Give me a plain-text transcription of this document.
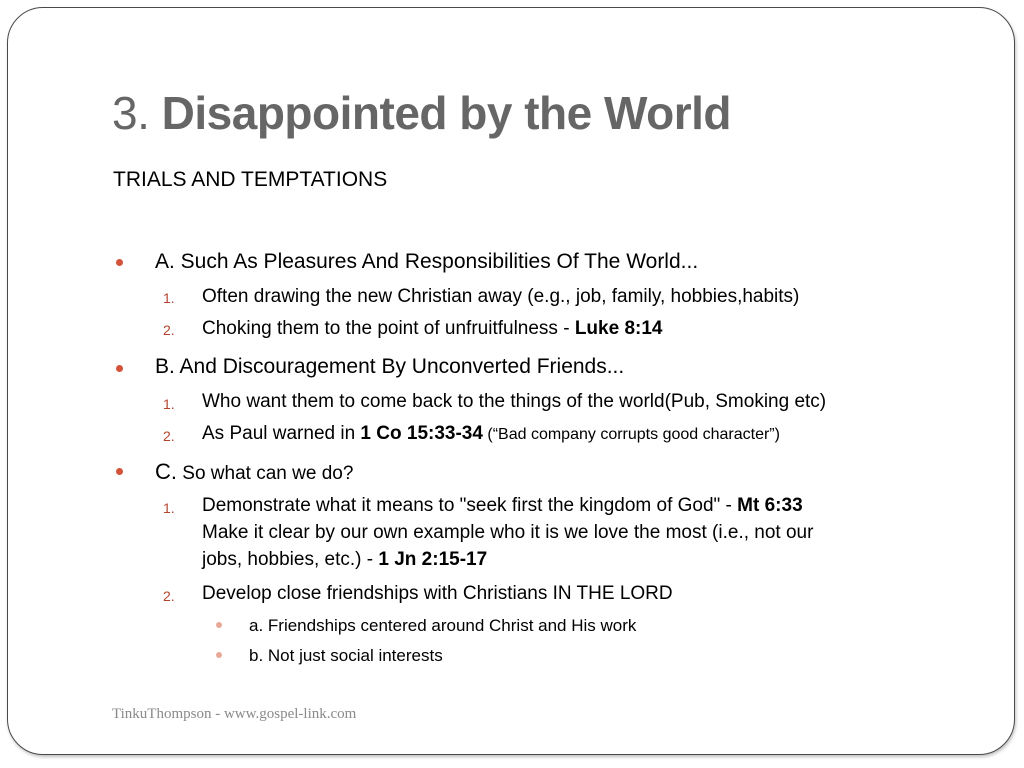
3. Disappointed by the World
TRIALS AND TEMPTATIONS
A. Such As Pleasures And Responsibilities Of The World...
1. Often drawing the new Christian away (e.g., job, family, hobbies,habits)
2. Choking them to the point of unfruitfulness - Luke 8:14
B. And Discouragement By Unconverted Friends...
1. Who want them to come back to the things of the world(Pub, Smoking etc)
2. As Paul warned in 1 Co 15:33-34 (“Bad company corrupts good character”)
C. So what can we do?
1. Demonstrate what it means to "seek first the kingdom of God" - Mt 6:33
Make it clear by our own example who it is we love the most (i.e., not our
jobs, hobbies, etc.) - 1 Jn 2:15-17
2. Develop close friendships with Christians IN THE LORD
a. Friendships centered around Christ and His work
b. Not just social interests
TinkuThompson - www.gospel-link.com
